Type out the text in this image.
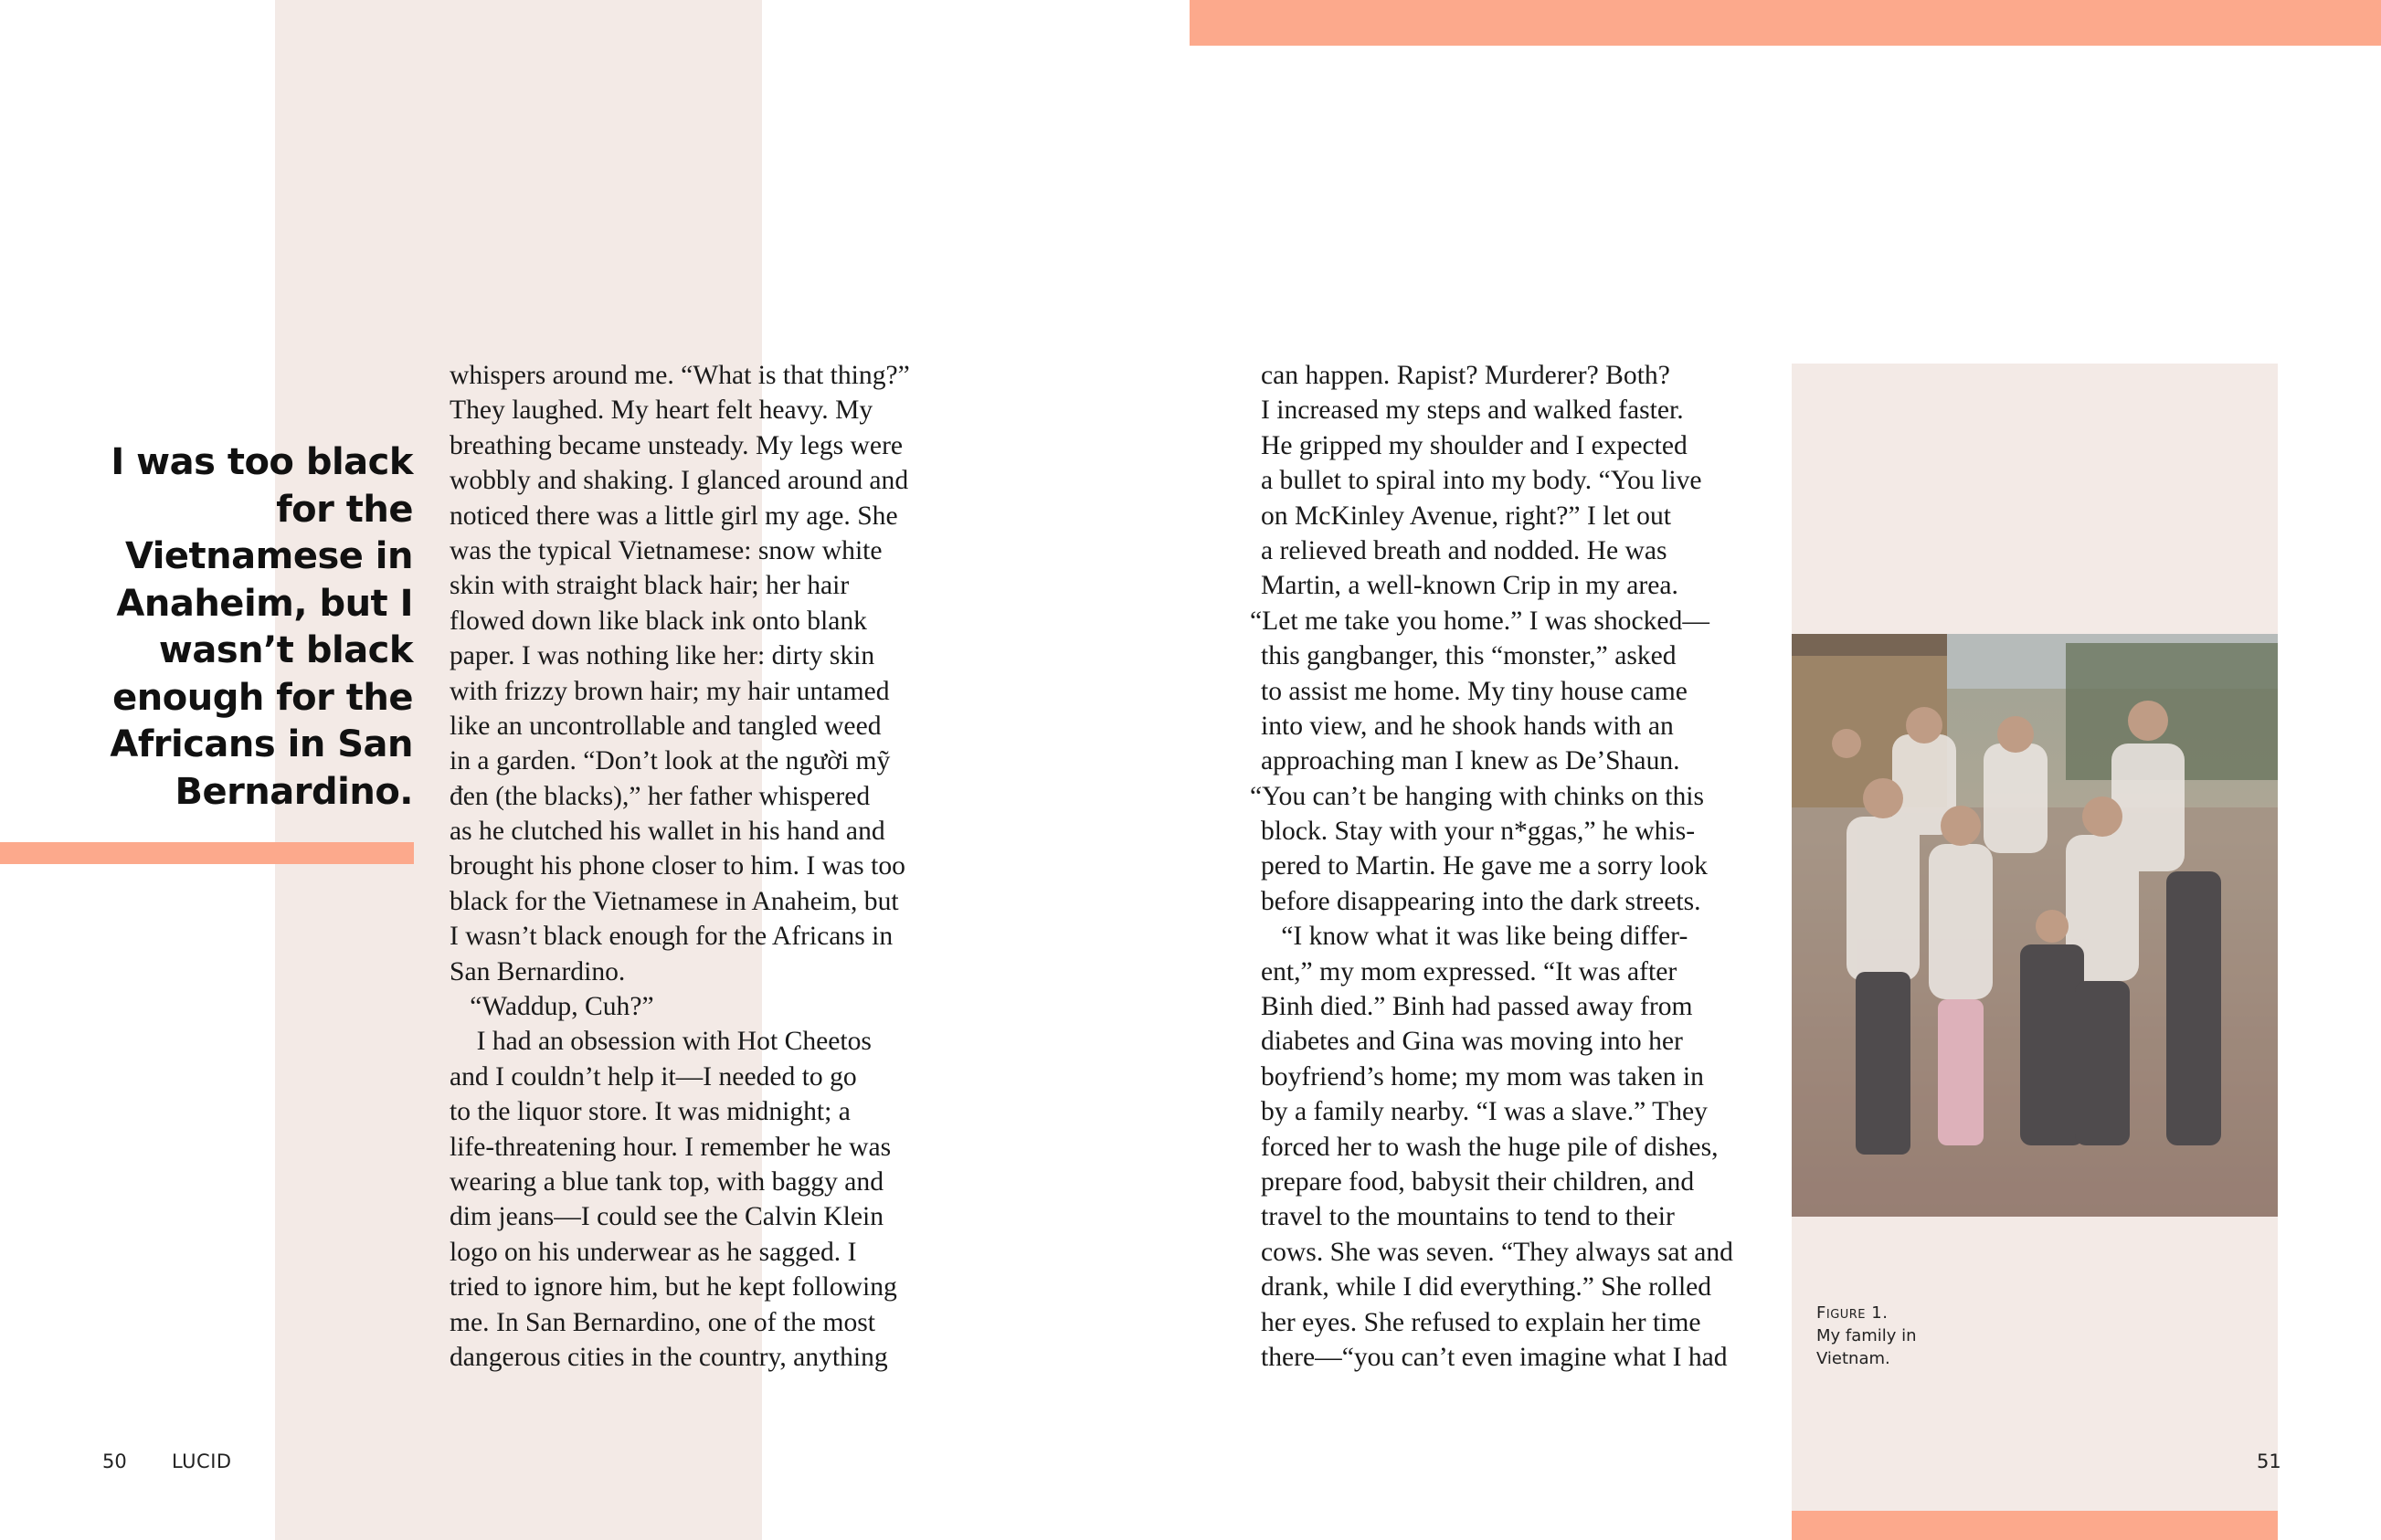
I was too black for the Vietnamese in Anaheim, but I wasn’t black enough for the Africans in San Bernardino.
whispers around me. “What is that thing?”
They laughed. My heart felt heavy. My
breathing became unsteady. My legs were
wobbly and shaking. I glanced around and
noticed there was a little girl my age. She
was the typical Vietnamese: snow white
skin with straight black hair; her hair
flowed down like black ink onto blank
paper. I was nothing like her: dirty skin
with frizzy brown hair; my hair untamed
like an uncontrollable and tangled weed
in a garden. “Don’t look at the người mỹ
đen (the blacks),” her father whispered
as he clutched his wallet in his hand and
brought his phone closer to him. I was too
black for the Vietnamese in Anaheim, but
I wasn’t black enough for the Africans in
San Bernardino.
“Waddup, Cuh?”
I had an obsession with Hot Cheetos
and I couldn’t help it—I needed to go
to the liquor store. It was midnight; a
life-threatening hour. I remember he was
wearing a blue tank top, with baggy and
dim jeans—I could see the Calvin Klein
logo on his underwear as he sagged. I
tried to ignore him, but he kept following
me. In San Bernardino, one of the most
dangerous cities in the country, anything
can happen. Rapist? Murderer? Both?
I increased my steps and walked faster.
He gripped my shoulder and I expected
a bullet to spiral into my body. “You live
on McKinley Avenue, right?” I let out
a relieved breath and nodded. He was
Martin, a well-known Crip in my area.
“Let me take you home.” I was shocked—
this gangbanger, this “monster,” asked
to assist me home. My tiny house came
into view, and he shook hands with an
approaching man I knew as De’Shaun.
“You can’t be hanging with chinks on this
block. Stay with your n*ggas,” he whis-
pered to Martin. He gave me a sorry look
before disappearing into the dark streets.
“I know what it was like being differ-
ent,” my mom expressed. “It was after
Binh died.” Binh had passed away from
diabetes and Gina was moving into her
boyfriend’s home; my mom was taken in
by a family nearby. “I was a slave.” They
forced her to wash the huge pile of dishes,
prepare food, babysit their children, and
travel to the mountains to tend to their
cows. She was seven. “They always sat and
drank, while I did everything.” She rolled
her eyes. She refused to explain her time
there—“you can’t even imagine what I had
Figure 1.
My family in
Vietnam.
50 LUCID	51
